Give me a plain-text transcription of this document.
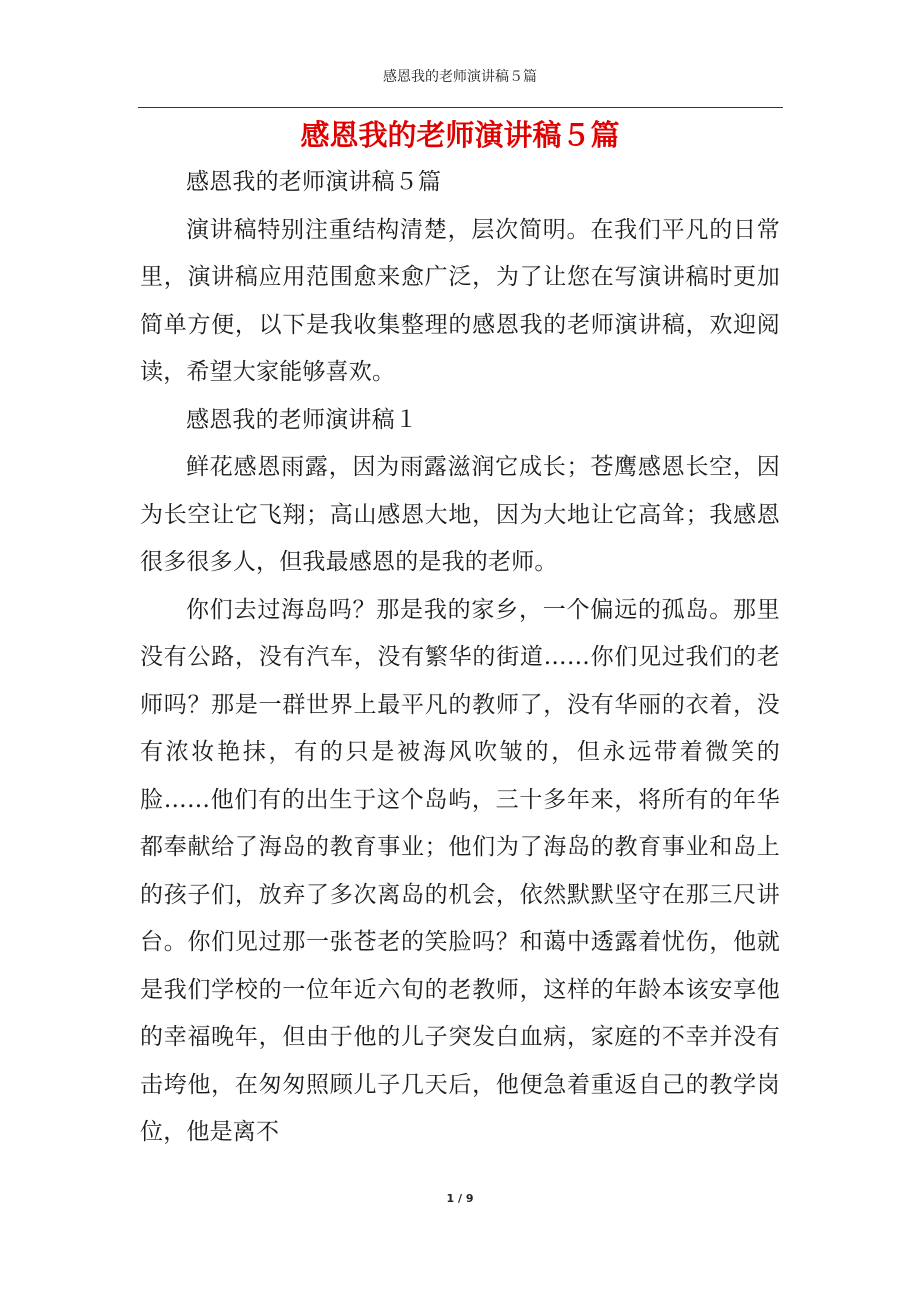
感恩我的老师演讲稿５篇
感恩我的老师演讲稿５篇

感恩我的老师演讲稿５篇

演讲稿特别注重结构清楚，层次简明。在我们平凡的日常里，演讲稿应用范围愈来愈广泛，为了让您在写演讲稿时更加简单方便，以下是我收集整理的感恩我的老师演讲稿，欢迎阅读，希望大家能够喜欢。

感恩我的老师演讲稿１

鲜花感恩雨露，因为雨露滋润它成长；苍鹰感恩长空，因为长空让它飞翔；高山感恩大地，因为大地让它高耸；我感恩很多很多人，但我最感恩的是我的老师。

你们去过海岛吗？那是我的家乡，一个偏远的孤岛。那里没有公路，没有汽车，没有繁华的街道……你们见过我们的老师吗？那是一群世界上最平凡的教师了，没有华丽的衣着，没有浓妆艳抹，有的只是被海风吹皱的，但永远带着微笑的脸……他们有的出生于这个岛屿，三十多年来，将所有的年华都奉献给了海岛的教育事业；他们为了海岛的教育事业和岛上的孩子们，放弃了多次离岛的机会，依然默默坚守在那三尺讲台。你们见过那一张苍老的笑脸吗？和蔼中透露着忧伤，他就是我们学校的一位年近六旬的老教师，这样的年龄本该安享他的幸福晚年，但由于他的儿子突发白血病，家庭的不幸并没有击垮他，在匆匆照顾儿子几天后，他便急着重返自己的教学岗位，他是离不

1 / 9
